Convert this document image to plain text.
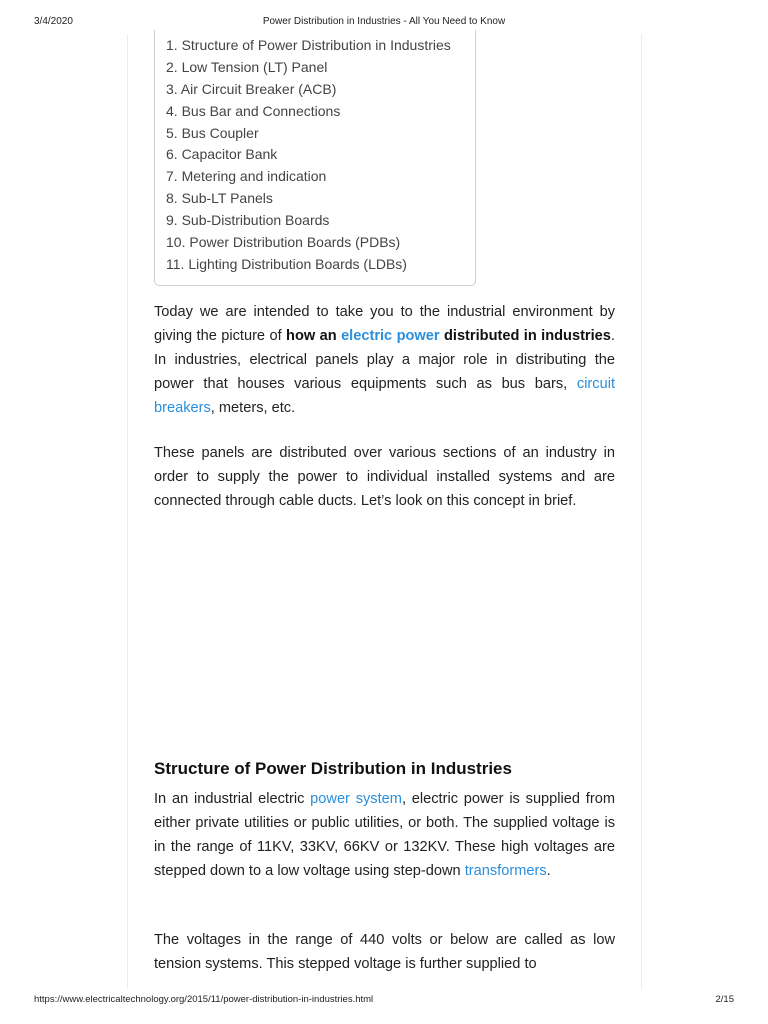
3/4/2020	Power Distribution in Industries - All You Need to Know
1. Structure of Power Distribution in Industries
2. Low Tension (LT) Panel
3. Air Circuit Breaker (ACB)
4. Bus Bar and Connections
5. Bus Coupler
6. Capacitor Bank
7. Metering and indication
8. Sub-LT Panels
9. Sub-Distribution Boards
10. Power Distribution Boards (PDBs)
11. Lighting Distribution Boards (LDBs)

Today we are intended to take you to the industrial environment by giving the picture of how an electric power distributed in industries. In industries, electrical panels play a major role in distributing the power that houses various equipments such as bus bars, circuit breakers, meters, etc.

These panels are distributed over various sections of an industry in order to supply the power to individual installed systems and are connected through cable ducts. Let’s look on this concept in brief.

Structure of Power Distribution in Industries

In an industrial electric power system, electric power is supplied from either private utilities or public utilities, or both. The supplied voltage is in the range of 11KV, 33KV, 66KV or 132KV. These high voltages are stepped down to a low voltage using step-down transformers.

The voltages in the range of 440 volts or below are called as low tension systems. This stepped voltage is further supplied to

https://www.electricaltechnology.org/2015/11/power-distribution-in-industries.html	2/15
